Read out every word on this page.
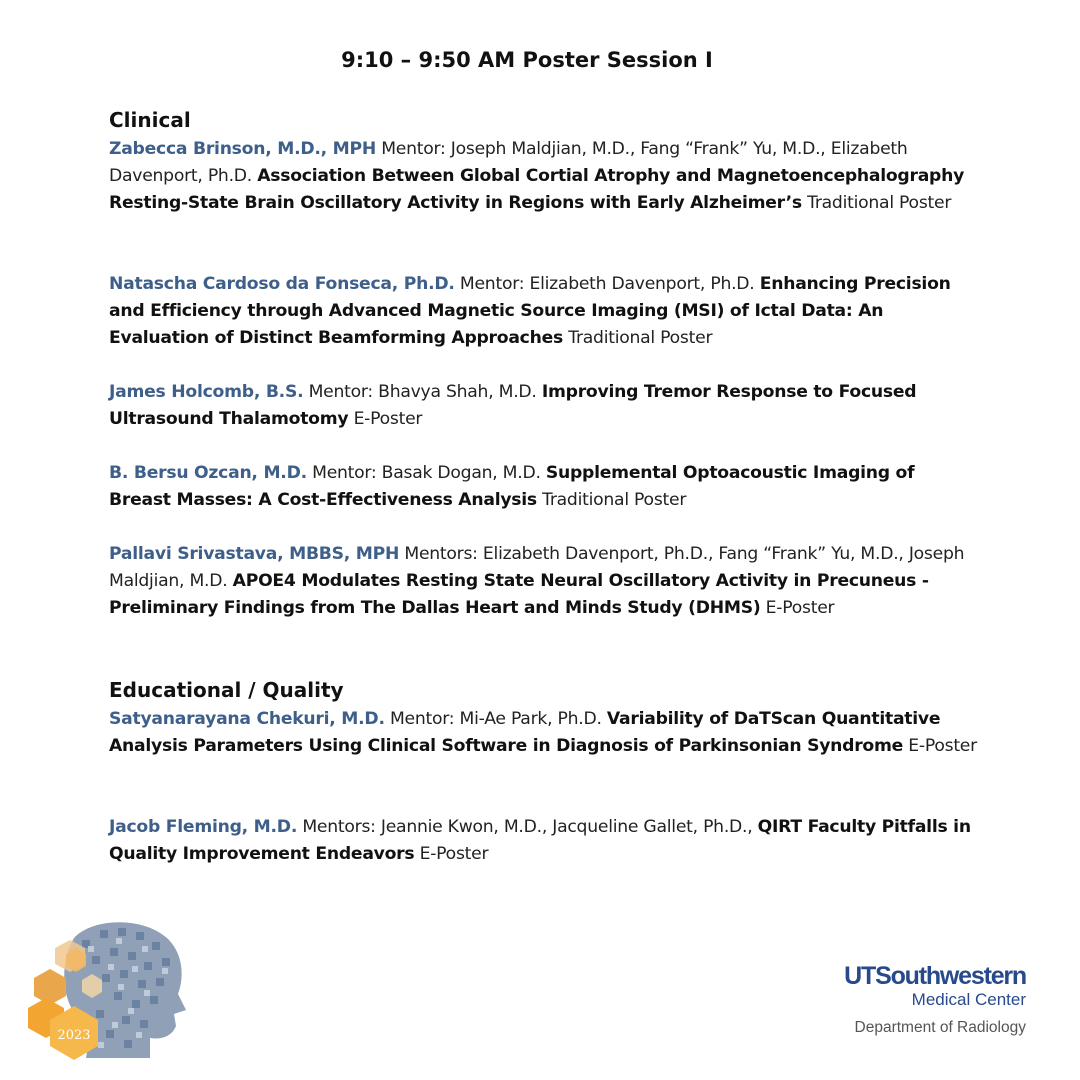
9:10 – 9:50 AM Poster Session I
Clinical
Zabecca Brinson, M.D., MPH Mentor: Joseph Maldjian, M.D., Fang “Frank” Yu, M.D., Elizabeth Davenport, Ph.D. Association Between Global Cortial Atrophy and Magnetoencephalography Resting-State Brain Oscillatory Activity in Regions with Early Alzheimer’s Traditional Poster
Natascha Cardoso da Fonseca, Ph.D. Mentor: Elizabeth Davenport, Ph.D. Enhancing Precision and Efficiency through Advanced Magnetic Source Imaging (MSI) of Ictal Data: An Evaluation of Distinct Beamforming Approaches Traditional Poster
James Holcomb, B.S. Mentor: Bhavya Shah, M.D. Improving Tremor Response to Focused Ultrasound Thalamotomy E-Poster
B. Bersu Ozcan, M.D. Mentor: Basak Dogan, M.D. Supplemental Optoacoustic Imaging of Breast Masses: A Cost-Effectiveness Analysis Traditional Poster
Pallavi Srivastava, MBBS, MPH Mentors: Elizabeth Davenport, Ph.D., Fang “Frank” Yu, M.D., Joseph Maldjian, M.D. APOE4 Modulates Resting State Neural Oscillatory Activity in Precuneus - Preliminary Findings from The Dallas Heart and Minds Study (DHMS) E-Poster
Educational / Quality
Satyanarayana Chekuri, M.D. Mentor: Mi-Ae Park, Ph.D. Variability of DaTScan Quantitative Analysis Parameters Using Clinical Software in Diagnosis of Parkinsonian Syndrome E-Poster
Jacob Fleming, M.D. Mentors: Jeannie Kwon, M.D., Jacqueline Gallet, Ph.D., QIRT Faculty Pitfalls in Quality Improvement Endeavors E-Poster
2023
UTSouthwestern
Medical Center
Department of Radiology
